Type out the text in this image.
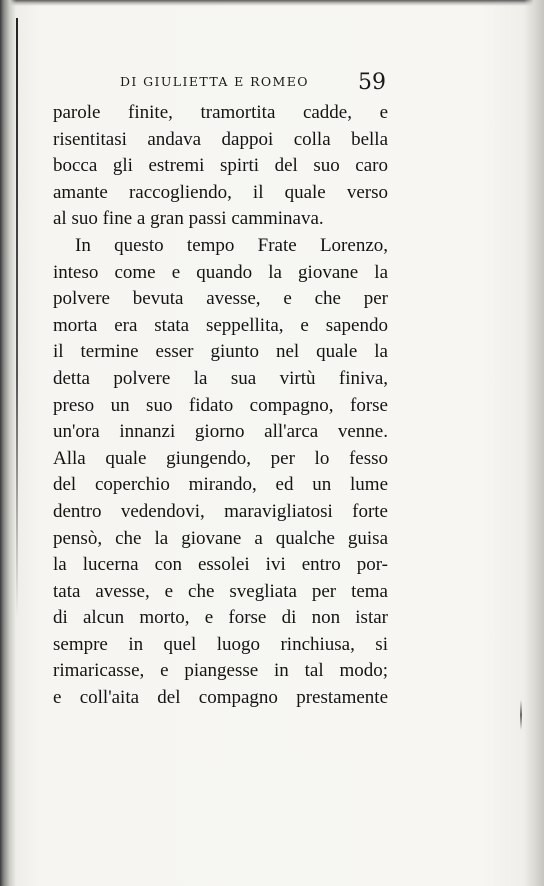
DI GIULIETTA E ROMEO	59
parole finite, tramortita cadde, e
risentitasi andava dappoi colla bella
bocca gli estremi spirti del suo caro
amante raccogliendo, il quale verso
al suo fine a gran passi camminava.
In questo tempo Frate Lorenzo,
inteso come e quando la giovane la
polvere bevuta avesse, e che per
morta era stata seppellita, e sapendo
il termine esser giunto nel quale la
detta polvere la sua virtù finiva,
preso un suo fidato compagno, forse
un'ora innanzi giorno all'arca venne.
Alla quale giungendo, per lo fesso
del coperchio mirando, ed un lume
dentro vedendovi, maravigliatosi forte
pensò, che la giovane a qualche guisa
la lucerna con essolei ivi entro por-
tata avesse, e che svegliata per tema
di alcun morto, e forse di non istar
sempre in quel luogo rinchiusa, si
rimaricasse, e piangesse in tal modo;
e coll'aita del compagno prestamente
